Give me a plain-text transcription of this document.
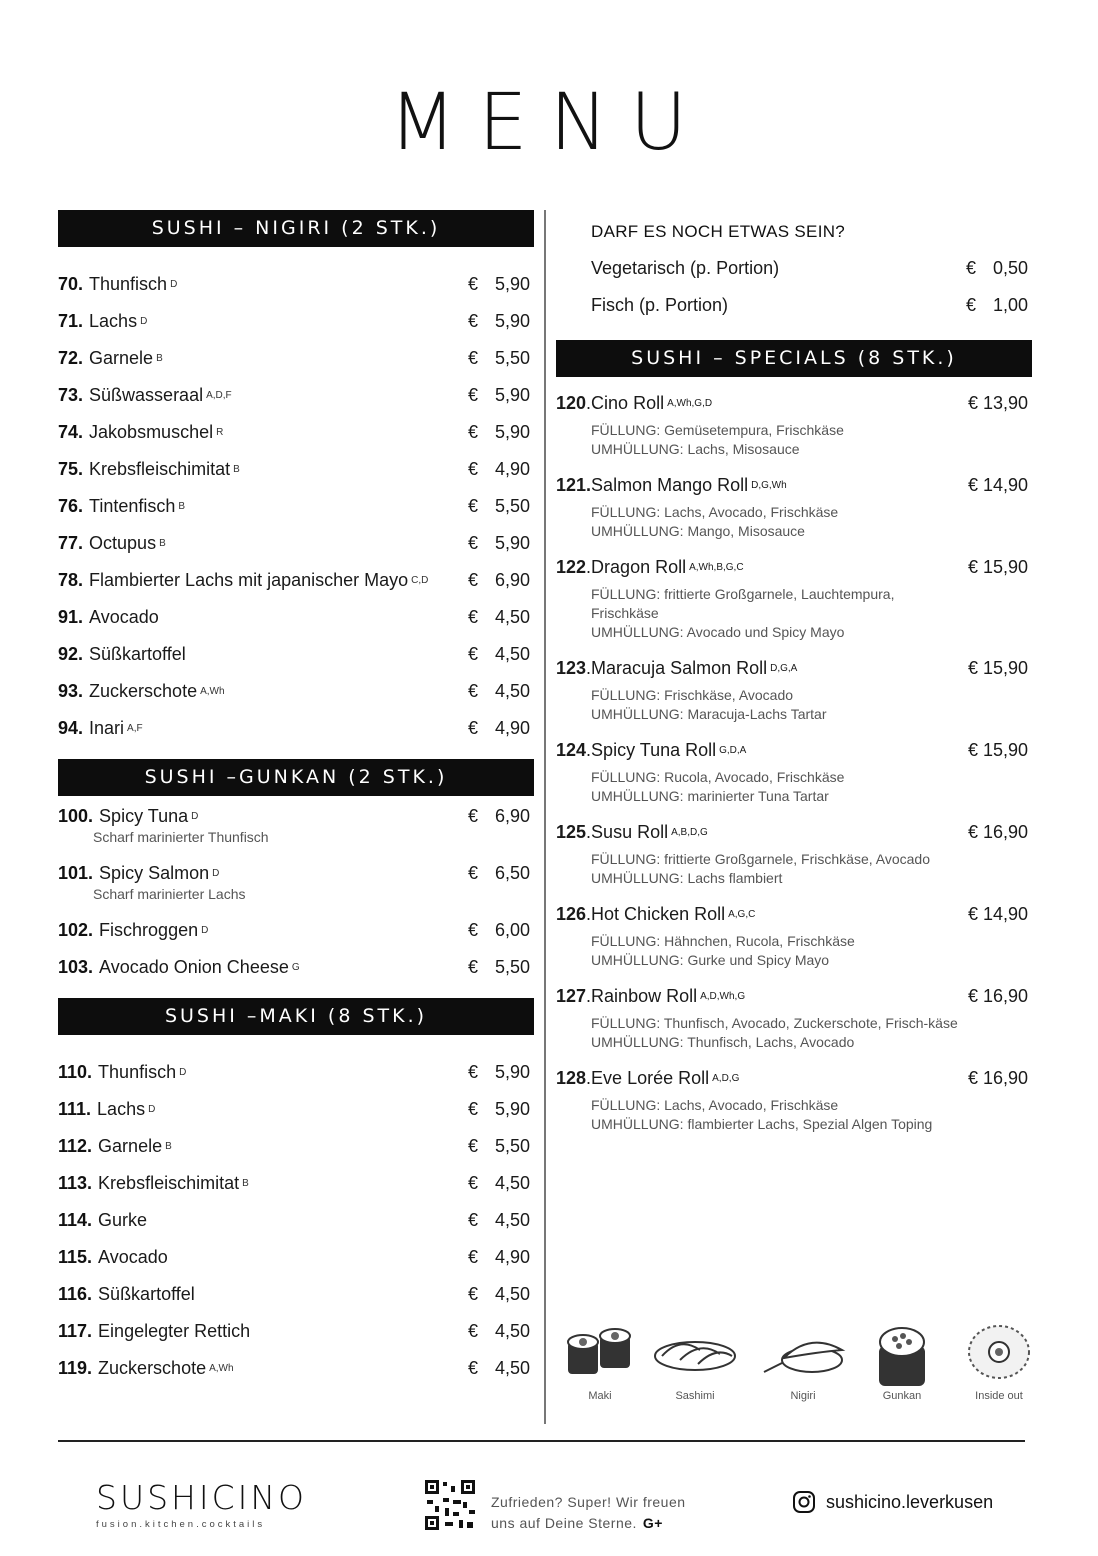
MENU
SUSHI – NIGIRI (2 STK.)
70. Thunfisch D	€ 5,90
71. Lachs D	€ 5,90
72. Garnele B	€ 5,50
73. Süßwasseraal A,D,F	€ 5,90
74. Jakobsmuschel R	€ 5,90
75. Krebsfleischimitat B	€ 4,90
76. Tintenfisch B	€ 5,50
77. Octupus B	€ 5,90
78. Flambierter Lachs mit japanischer Mayo C,D € 6,90
91. Avocado	€ 4,50
92. Süßkartoffel	€ 4,50
93. Zuckerschote A,Wh	€ 4,50
94. Inari A,F	€ 4,90
SUSHI –GUNKAN (2 STK.)
100. Spicy Tuna D	€ 6,90
Scharf marinierter Thunfisch
101. Spicy Salmon D	€ 6,50
Scharf marinierter Lachs
102. Fischroggen D	€ 6,00
103. Avocado Onion Cheese G	€ 5,50
SUSHI –MAKI (8 STK.)
110. Thunfisch D	€ 5,90
111. Lachs D	€ 5,90
112. Garnele B	€ 5,50
113. Krebsfleischimitat B	€ 4,50
114. Gurke	€ 4,50
115. Avocado	€ 4,90
116. Süßkartoffel	€ 4,50
117. Eingelegter Rettich	€ 4,50
119. Zuckerschote A,Wh	€ 4,50
DARF ES NOCH ETWAS SEIN?
Vegetarisch (p. Portion)	€ 0,50
Fisch (p. Portion)	€ 1,00
SUSHI – SPECIALS (8 STK.)
120 .Cino Roll A,Wh,G,D	€ 13,90
FÜLLUNG: Gemüsetempura, Frischkäse
UMHÜLLUNG: Lachs, Misosauce
121. Salmon Mango Roll D,G,Wh	€ 14,90
FÜLLUNG: Lachs, Avocado, Frischkäse
UMHÜLLUNG: Mango, Misosauce
122 .Dragon Roll A,Wh,B,G,C	€ 15,90
FÜLLUNG: frittierte Großgarnele, Lauchtempura, Frischkäse
UMHÜLLUNG: Avocado und Spicy Mayo
123 .Maracuja Salmon Roll D,G,A	€ 15,90
FÜLLUNG: Frischkäse, Avocado
UMHÜLLUNG: Maracuja-Lachs Tartar
124 .Spicy Tuna Roll G,D,A	€ 15,90
FÜLLUNG: Rucola, Avocado, Frischkäse
UMHÜLLUNG: marinierter Tuna Tartar
125 .Susu Roll A,B,D,G	€ 16,90
FÜLLUNG: frittierte Großgarnele, Frischkäse, Avocado
UMHÜLLUNG: Lachs flambiert
126 .Hot Chicken Roll A,G,C	€ 14,90
FÜLLUNG: Hähnchen, Rucola, Frischkäse
UMHÜLLUNG: Gurke und Spicy Mayo
127 .Rainbow Roll A,D,Wh,G	€ 16,90
FÜLLUNG: Thunfisch, Avocado, Zuckerschote, Frisch-käse
UMHÜLLUNG: Thunfisch, Lachs, Avocado
128 .Eve Lorée Roll A,D,G	€ 16,90
FÜLLUNG: Lachs, Avocado, Frischkäse
UMHÜLLUNG: flambierter Lachs, Spezial Algen Toping
Maki	Sashimi	Nigiri	Gunkan	Inside out
SUSHICINO
fusion.kitchen.cocktails
Zufrieden? Super! Wir freuen
uns auf Deine Sterne. G+
sushicino.leverkusen
